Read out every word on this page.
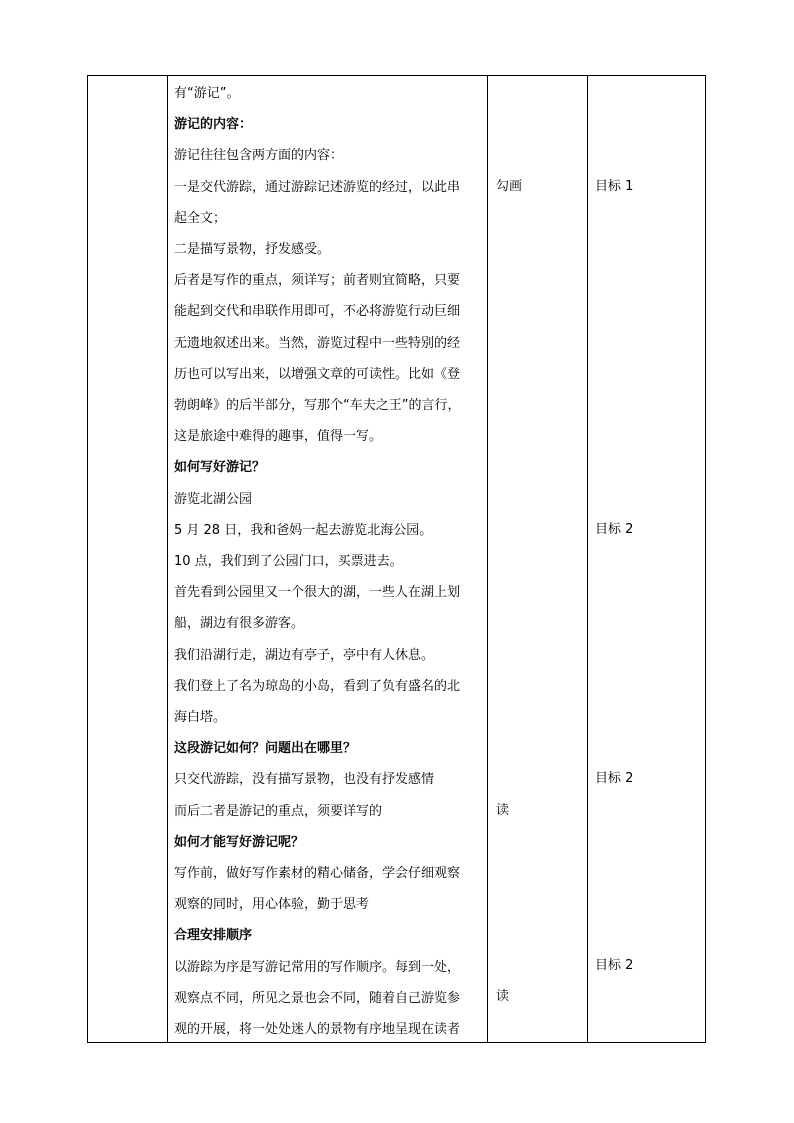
有“游记”。
游记的内容：
游记往往包含两方面的内容：
一是交代游踪，通过游踪记述游览的经过，以此串
起全文；
二是描写景物，抒发感受。
后者是写作的重点，须详写；前者则宜简略，只要
能起到交代和串联作用即可，不必将游览行动巨细
无遗地叙述出来。当然，游览过程中一些特别的经
历也可以写出来，以增强文章的可读性。比如《登
勃朗峰》的后半部分，写那个“车夫之王”的言行，
这是旅途中难得的趣事，值得一写。
如何写好游记？
游览北湖公园
5 月 28 日，我和爸妈一起去游览北海公园。
10 点，我们到了公园门口，买票进去。
首先看到公园里又一个很大的湖，一些人在湖上划
船，湖边有很多游客。
我们沿湖行走，湖边有亭子，亭中有人休息。
我们登上了名为琼岛的小岛，看到了负有盛名的北
海白塔。
这段游记如何？问题出在哪里？
只交代游踪，没有描写景物，也没有抒发感情
而后二者是游记的重点，须要详写的
如何才能写好游记呢？
写作前，做好写作素材的精心储备，学会仔细观察
观察的同时，用心体验，勤于思考
合理安排顺序
以游踪为序是写游记常用的写作顺序。每到一处，
观察点不同，所见之景也会不同，随着自己游览参
观的开展，将一处处迷人的景物有序地呈现在读者
勾画
读
读
目标 1
目标 2
目标 2
目标 2
